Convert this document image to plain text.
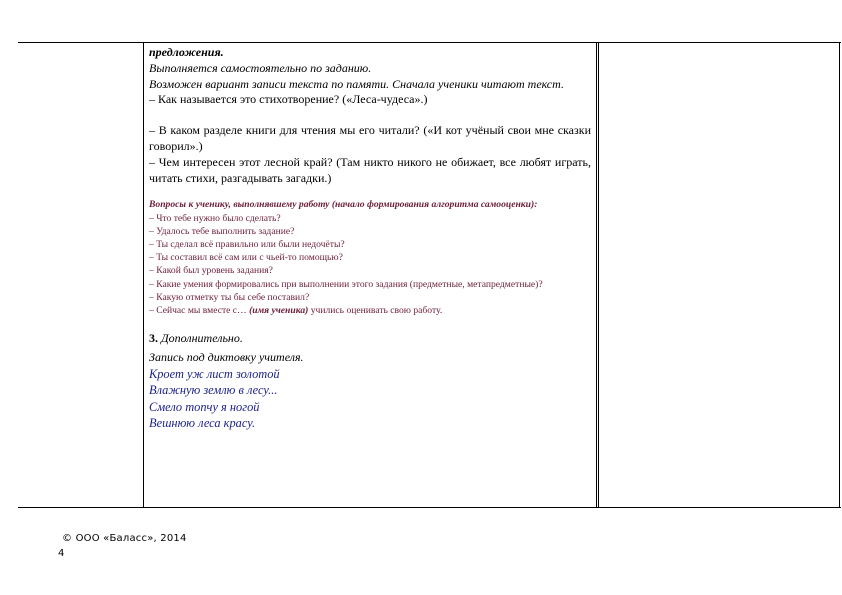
предложения.

Выполняется самостоятельно по заданию.

Возможен вариант записи текста по памяти. Сначала ученики читают текст.

– Как называется это стихотворение? («Леса-чудеса».)

– В каком разделе книги для чтения мы его читали? («И кот учёный свои мне сказки говорил».)

– Чем интересен этот лесной край? (Там никто никого не обижает, все любят играть, читать стихи, разгадывать загадки.)

Вопросы к ученику, выполнявшему работу (начало формирования алгоритма самооценки):

– Что тебе нужно было сделать?

– Удалось тебе выполнить задание?

– Ты сделал всё правильно или были недочёты?

– Ты составил всё сам или с чьей-то помощью?

– Какой был уровень задания?

– Какие умения формировались при выполнении этого задания (предметные, метапредметные)?

– Какую отметку ты бы себе поставил?

– Сейчас мы вместе с… (имя ученика) учились оценивать свою работу.

3. Дополнительно.

Запись под диктовку учителя.

Кроет уж лист золотой

Влажную землю в лесу...

Смело топчу я ногой

Вешнюю леса красу.

© ООО «Баласс», 2014
4
